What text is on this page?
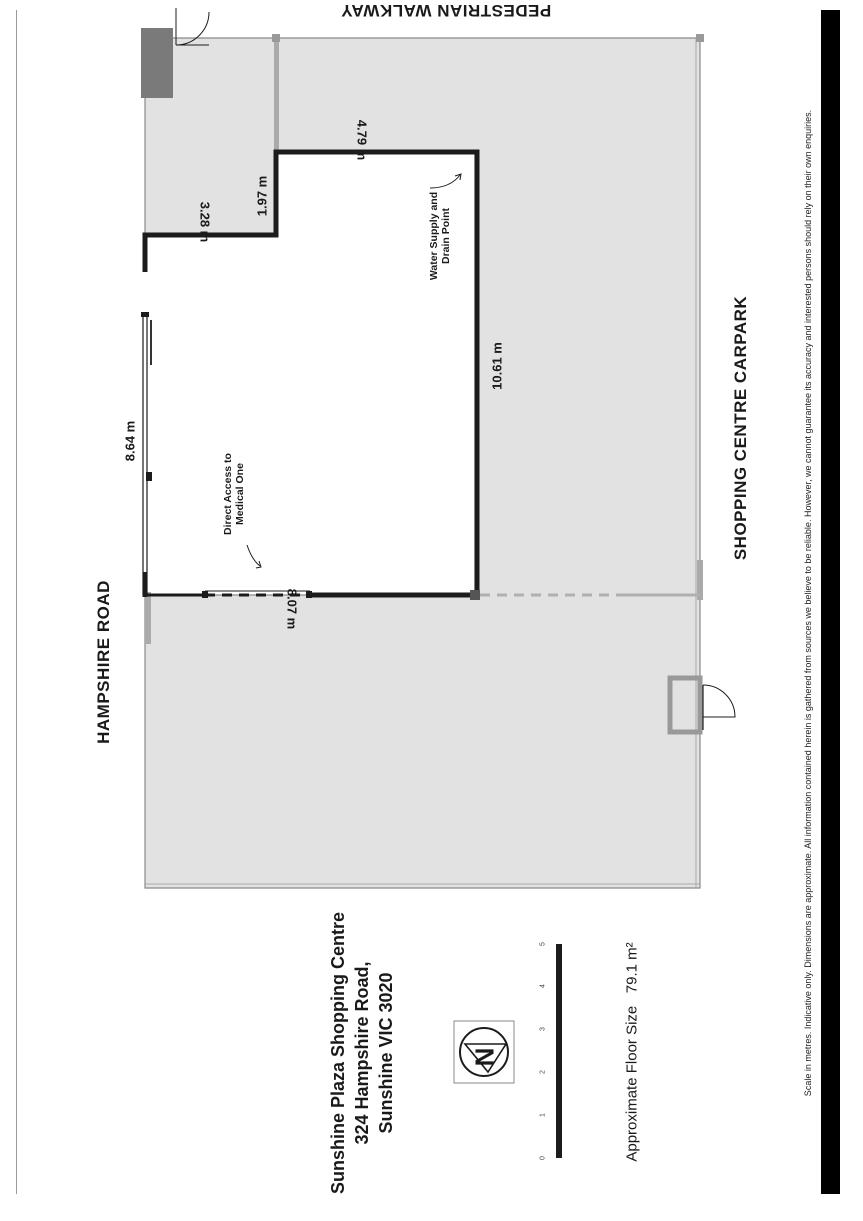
HAMPSHIRE ROAD
SHOPPING CENTRE CARPARK
PEDESTRIAN WALKWAY
8.64 m
10.61 m
8.07 m
4.79 m
3.28 m
1.97 m
Direct Access to Medical One
Water Supply and Drain Point
Sunshine Plaza Shopping Centre 324 Hampshire Road, Sunshine VIC 3020	N	Approximate Floor Size   79.1 m²
0
1
2
3
4
5	Scale in metres. Indicative only. Dimensions are approximate. All information contained herein is gathered from sources we believe to be reliable. However, we cannot guarantee its accuracy and interested persons should rely on their own enquiries.
